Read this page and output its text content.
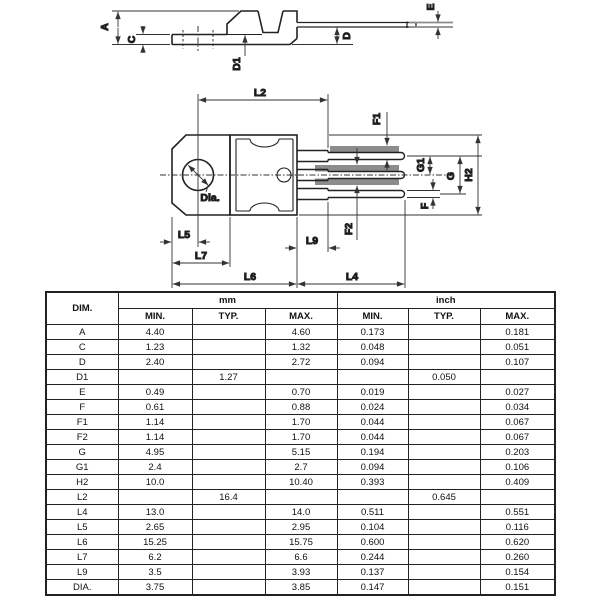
A
C
D1
D
E
L2
F1
G1
G H2
F
F2
Dia.
L5	L9
L7
L6	L4
DIM.	mm			inch		
	MIN.	TYP.	MAX.	MIN.	TYP.	MAX.
A	4.40		4.60	0.173		0.181
C	1.23		1.32	0.048		0.051
D	2.40		2.72	0.094		0.107
D1		1.27			0.050	
E	0.49		0.70	0.019		0.027
F	0.61		0.88	0.024		0.034
F1	1.14		1.70	0.044		0.067
F2	1.14		1.70	0.044		0.067
G	4.95		5.15	0.194		0.203
G1	2.4		2.7	0.094		0.106
H2	10.0		10.40	0.393		0.409
L2		16.4			0.645	
L4	13.0		14.0	0.511		0.551
L5	2.65		2.95	0.104		0.116
L6	15.25		15.75	0.600		0.620
L7	6.2		6.6	0.244		0.260
L9	3.5		3.93	0.137		0.154
DIA.	3.75		3.85	0.147		0.151
